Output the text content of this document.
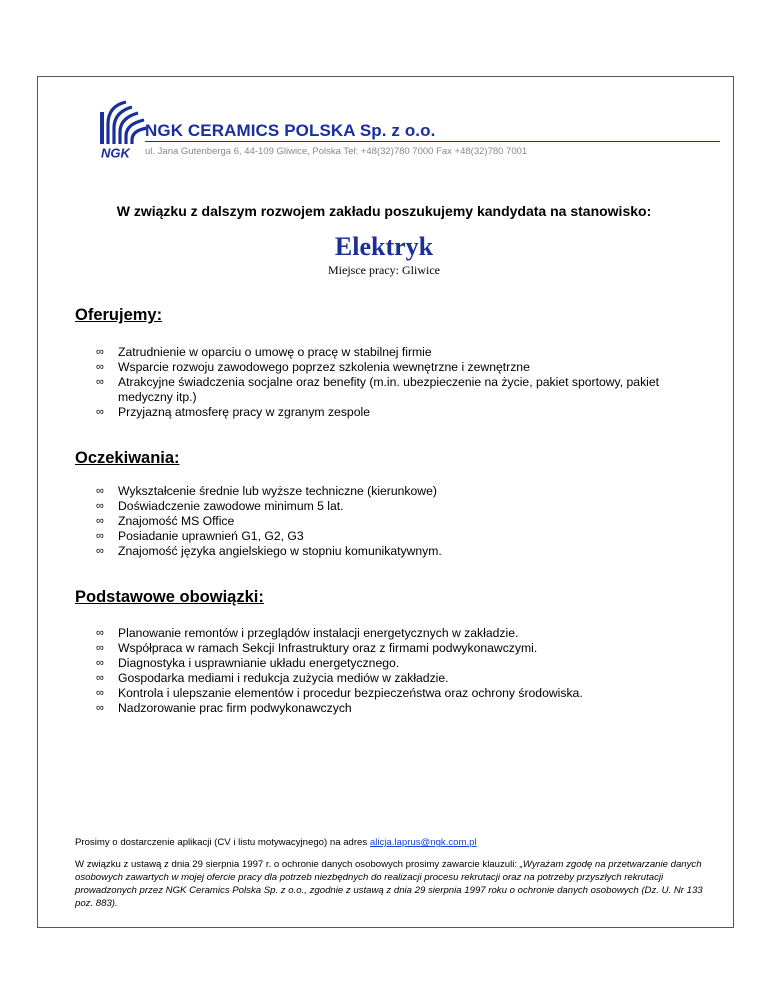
NGK
NGK CERAMICS POLSKA Sp. z o.o.
ul. Jana Gutenberga 6, 44-109 Gliwice, Polska Tel: +48(32)780 7000 Fax +48(32)780 7001
W związku z dalszym rozwojem zakładu poszukujemy kandydata na stanowisko:
Elektryk
Miejsce pracy: Gliwice
Oferujemy:
∞ Zatrudnienie w oparciu o umowę o pracę w stabilnej firmie
∞ Wsparcie rozwoju zawodowego poprzez szkolenia wewnętrzne i zewnętrzne
∞ Atrakcyjne świadczenia socjalne oraz benefity (m.in. ubezpieczenie na życie, pakiet sportowy, pakiet medyczny itp.)
∞ Przyjazną atmosferę pracy w zgranym zespole
Oczekiwania:
∞ Wykształcenie średnie lub wyższe techniczne (kierunkowe)
∞ Doświadczenie zawodowe minimum 5 lat.
∞ Znajomość MS Office
∞ Posiadanie uprawnień G1, G2, G3
∞ Znajomość języka angielskiego w stopniu komunikatywnym.
Podstawowe obowiązki:
∞ Planowanie remontów i przeglądów instalacji energetycznych w zakładzie.
∞ Współpraca w ramach Sekcji Infrastruktury oraz z firmami podwykonawczymi.
∞ Diagnostyka i usprawnianie układu energetycznego.
∞ Gospodarka mediami i redukcja zużycia mediów w zakładzie.
∞ Kontrola i ulepszanie elementów i procedur bezpieczeństwa oraz ochrony środowiska.
∞ Nadzorowanie prac firm podwykonawczych
Prosimy o dostarczenie aplikacji (CV i listu motywacyjnego) na adres alicja.laprus@ngk.com.pl
W związku z ustawą z dnia 29 sierpnia 1997 r. o ochronie danych osobowych prosimy zawarcie klauzuli: „Wyrażam zgodę na przetwarzanie danych osobowych zawartych w mojej ofercie pracy dla potrzeb niezbędnych do realizacji procesu rekrutacji oraz na potrzeby przyszłych rekrutacji prowadzonych przez NGK Ceramics Polska Sp. z o.o., zgodnie z ustawą z dnia 29 sierpnia 1997 roku o ochronie danych osobowych (Dz. U. Nr 133 poz. 883).
